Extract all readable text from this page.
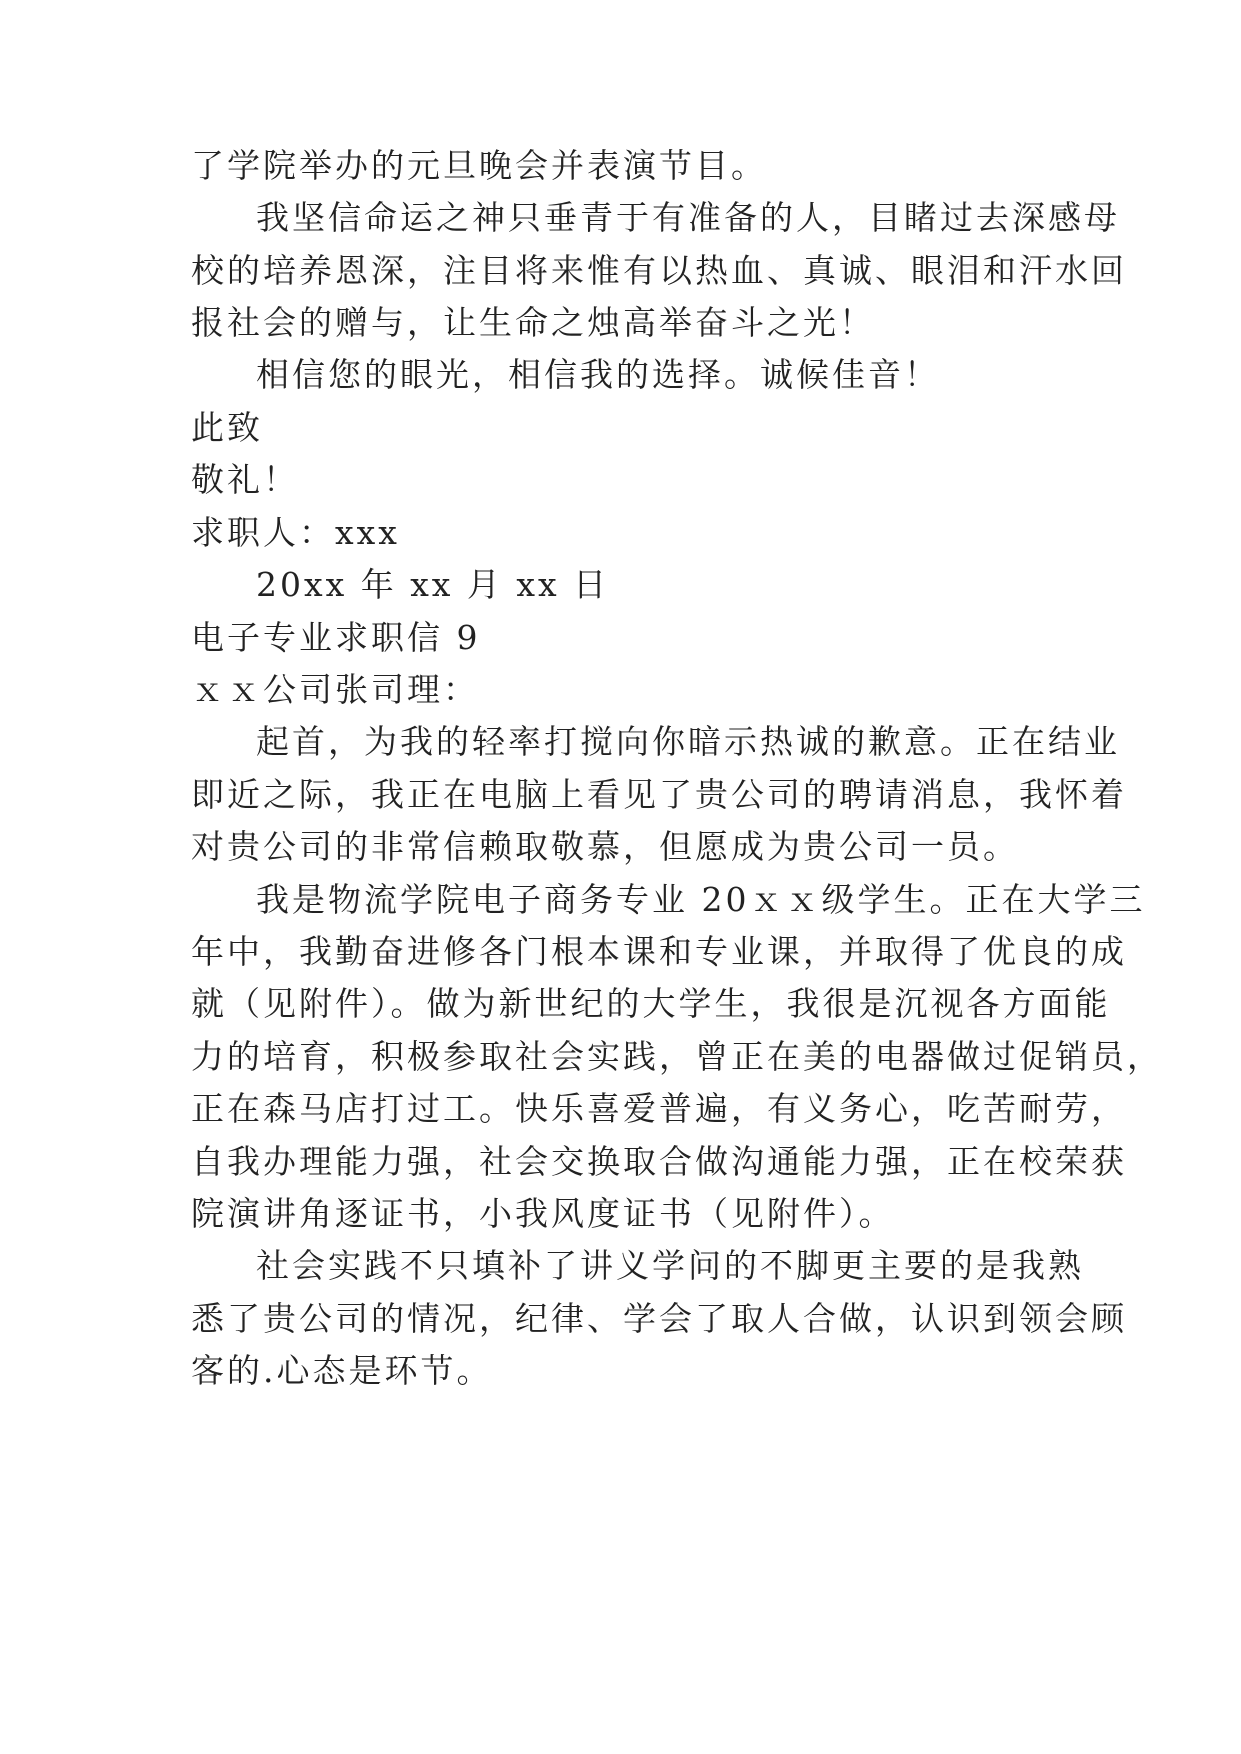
了学院举办的元旦晚会并表演节目。
我坚信命运之神只垂青于有准备的人，目睹过去深感母
校的培养恩深，注目将来惟有以热血、真诚、眼泪和汗水回
报社会的赠与，让生命之烛高举奋斗之光！
相信您的眼光，相信我的选择。诚候佳音！
此致
敬礼！
求职人：xxx
20xx 年 xx 月 xx 日
电子专业求职信 9
ｘｘ公司张司理：
起首，为我的轻率打搅向你暗示热诚的歉意。正在结业
即近之际，我正在电脑上看见了贵公司的聘请消息，我怀着
对贵公司的非常信赖取敬慕，但愿成为贵公司一员。
我是物流学院电子商务专业 20ｘｘ级学生。正在大学三
年中，我勤奋进修各门根本课和专业课，并取得了优良的成
就（见附件）。做为新世纪的大学生，我很是沉视各方面能
力的培育，积极参取社会实践，曾正在美的电器做过促销员，
正在森马店打过工。快乐喜爱普遍，有义务心，吃苦耐劳，
自我办理能力强，社会交换取合做沟通能力强，正在校荣获
院演讲角逐证书，小我风度证书（见附件）。
社会实践不只填补了讲义学问的不脚更主要的是我熟
悉了贵公司的情况，纪律、学会了取人合做，认识到领会顾
客的.心态是环节。
